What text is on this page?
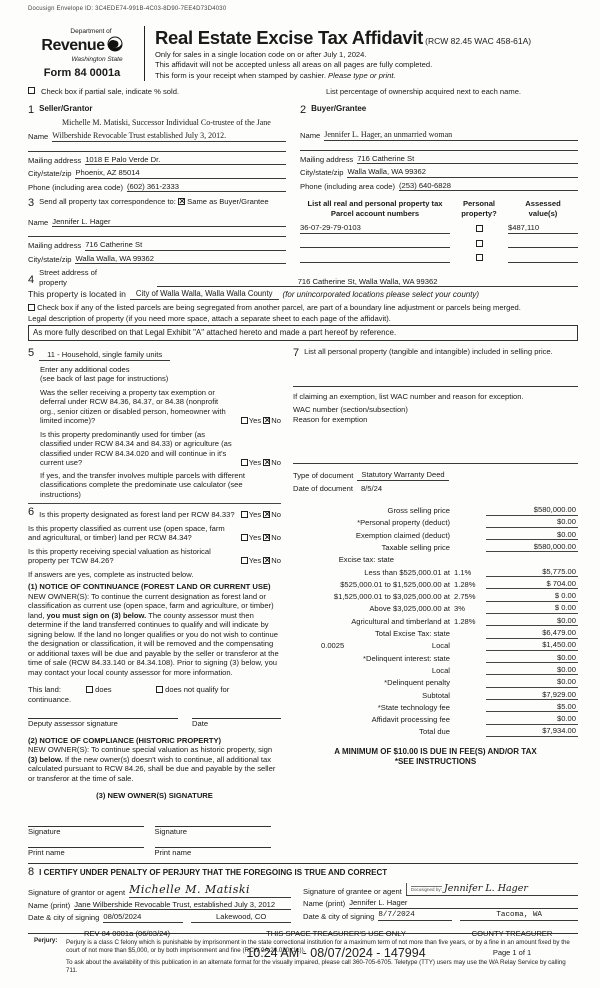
Docusign Envelope ID: 3C4EDE74-991B-4C03-8D90-7EE4D73D4030
Department of
Revenue
Washington State
Form 84 0001a
Real Estate Excise Tax Affidavit (RCW 82.45 WAC 458-61A)
Only for sales in a single location code on or after July 1, 2024.
This affidavit will not be accepted unless all areas on all pages are fully completed.
This form is your receipt when stamped by cashier. Please type or print.
Check box if partial sale, indicate % sold.	List percentage of ownership acquired next to each name.
1 Seller/Grantor
Michelle M. Matiski, Successor Individual Co-trustee of the Jane
Name Wilbershide Revocable Trust established July 3, 2012.
Mailing address 1018 E Palo Verde Dr.
City/state/zip Phoenix, AZ 85014
Phone (including area code) (602) 361-2333
2 Buyer/Grantee
Name Jennifer L. Hager, an unmarried woman
Mailing address 716 Catherine St
City/state/zip Walla Walla, WA 99362
Phone (including area code) (253) 640-6828
3 Send all property tax correspondence to: ✕ Same as Buyer/Grantee
Name Jennifer L. Hager
Mailing address 716 Catherine St
City/state/zip Walla Walla, WA 99362
List all real and personal property tax
Parcel account numbers
Personal
property?
Assessed
value(s)
36-07-29-79-0103	$487,110
4
Street address of
property	716 Catherine St, Walla Walla, WA 99362
This property is located in	City of Walla Walla, Walla Walla County	(for unincorporated locations please select your county)
Check box if any of the listed parcels are being segregated from another parcel, are part of a boundary line adjustment or parcels being merged.
Legal description of property (if you need more space, attach a separate sheet to each page of the affidavit).
As more fully described on that Legal Exhibit "A" attached hereto and made a part hereof by reference.
5	11 - Household, single family units
Enter any additional codes
(see back of last page for instructions)
Was the seller receiving a property tax exemption or deferral under RCW 84.36, 84.37, or 84.38 (nonprofit org., senior citizen or disabled person, homeowner with limited income)?	Yes ✕ No
Is this property predominantly used for timber (as classified under RCW 84.34 and 84.33) or agriculture (as classified under RCW 84.34.020 and will continue in it's current use?	Yes ✕ No
If yes, and the transfer involves multiple parcels with different classifications complete the predominate use calculator (see instructions)
6 Is this property designated as forest land per RCW 84.33?	Yes ✕ No
Is this property classified as current use (open space, farm and agricultural, or timber) land per RCW 84.34?	Yes ✕ No
Is this property receiving special valuation as historical property per TCW 84.26?	Yes ✕ No
If answers are yes, complete as instructed below.
(1) NOTICE OF CONTINUANCE (FOREST LAND OR CURRENT USE)
NEW OWNER(S): To continue the current designation as forest land or classification as current use (open space, farm and agriculture, or timber) land, you must sign on (3) below. The county assessor must then determine if the land transferred continues to qualify and will indicate by signing below. If the land no longer qualifies or you do not wish to continue the designation or classification, it will be removed and the compensating or additional taxes will be due and payable by the seller or transferor at the time of sale (RCW 84.33.140 or 84.34.108). Prior to signing (3) below, you may contact your local county assessor for more information.
This land:
continuance.
does	does not qualify for
Deputy assessor signature	Date
(2) NOTICE OF COMPLIANCE (HISTORIC PROPERTY)
NEW OWNER(S): To continue special valuation as historic property, sign (3) below. If the new owner(s) doesn't wish to continue, all additional tax calculated pursuant to RCW 84.26, shall be due and payable by the seller or transferor at the time of sale.
(3) NEW OWNER(S) SIGNATURE
Signature	Signature
Print name	Print name
7 List all personal property (tangible and intangible) included in selling price.
If claiming an exemption, list WAC number and reason for exception.
WAC number (section/subsection)
Reason for exemption
Type of document	Statutory Warranty Deed
Date of document	8/5/24
Gross selling price	$580,000.00
*Personal property (deduct)	$0.00
Exemption claimed (deduct)	$0.00
Taxable selling price	$580,000.00
Excise tax: state
Less than $525,000.01 at 1.1%	$5,775.00
$525,000.01 to $1,525,000.00 at 1.28%	$ 704.00
$1,525,000.01 to $3,025,000.00 at 2.75%	$ 0.00
Above $3,025,000.00 at 3%	$ 0.00
Agricultural and timberland at 1.28%	$0.00
Total Excise Tax: state	$6,479.00
0.0025	Local	$1,450.00
*Delinquent interest: state	$0.00
Local	$0.00
*Delinquent penalty	$0.00
Subtotal	$7,929.00
*State technology fee	$5.00
Affidavit processing fee	$0.00
Total due	$7,934.00
A MINIMUM OF $10.00 IS DUE IN FEE(S) AND/OR TAX
*SEE INSTRUCTIONS
8 I CERTIFY UNDER PENALTY OF PERJURY THAT THE FOREGOING IS TRUE AND CORRECT
Signature of grantor or agent Michelle M. Matiski
Name (print) Jane Wilbershide Revocable Trust, established July 3, 2012
Date & city of signing 08/05/2024	Lakewood, CO
Signature of grantee or agent	Docusigned by: Jennifer L. Hager
Name (print) Jennifer L. Hager
Date & city of signing 8/7/2024	Tacoma, WA
Perjury: Perjury is a class C felony which is punishable by imprisonment in the state correctional institution for a maximum term of not more than five years, or by a fine in an amount fixed by the court of not more than $5,000, or by both imprisonment and fine (RCW 9A.20.020 (1c)).

To ask about the availability of this publication in an alternate format for the visually impaired, please call 360-705-6705. Teletype (TTY) users may use the WA Relay Service by calling 711.

REV 84 0001a (06/03/24)	THIS SPACE TREASURER'S USE ONLY
10:24 AM - 08/07/2024 - 147994
COUNTY TREASURER
Page 1 of 1
